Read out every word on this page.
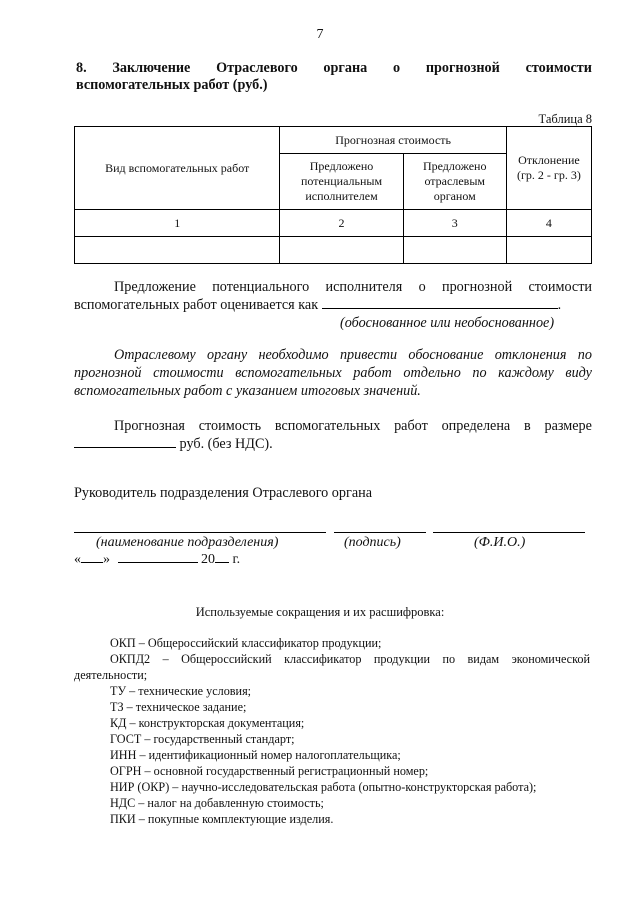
7
8. Заключение Отраслевого органа о прогнозной стоимости
вспомогательных работ (руб.)
Таблица 8
Вид вспомогательных работ	Прогнозная стоимость		Отклонение (гр. 2 - гр. 3)
	Предложено потенциальным исполнителем	Предложено отраслевым органом	
1	2	3	4

Предложение потенциального исполнителя о прогнозной стоимости
вспомогательных работ оценивается как	.
(обоснованное или необоснованное)
Отраслевому органу необходимо привести обоснование отклонения по
прогнозной стоимости вспомогательных работ отдельно по каждому виду
вспомогательных работ с указанием итоговых значений.
Прогнозная стоимость вспомогательных работ определена в размере
руб. (без НДС).
Руководитель подразделения Отраслевого органа
(наименование подразделения)	(подпись)	(Ф.И.О.)
« »	20 г.
Используемые сокращения и их расшифровка:
ОКП – Общероссийский классификатор продукции;
ОКПД2 – Общероссийский классификатор продукции по видам экономической деятельности;
ТУ – технические условия;
ТЗ – техническое задание;
КД – конструкторская документация;
ГОСТ – государственный стандарт;
ИНН – идентификационный номер налогоплательщика;
ОГРН – основной государственный регистрационный номер;
НИР (ОКР) – научно-исследовательская работа (опытно-конструкторская работа);
НДС – налог на добавленную стоимость;
ПКИ – покупные комплектующие изделия.
